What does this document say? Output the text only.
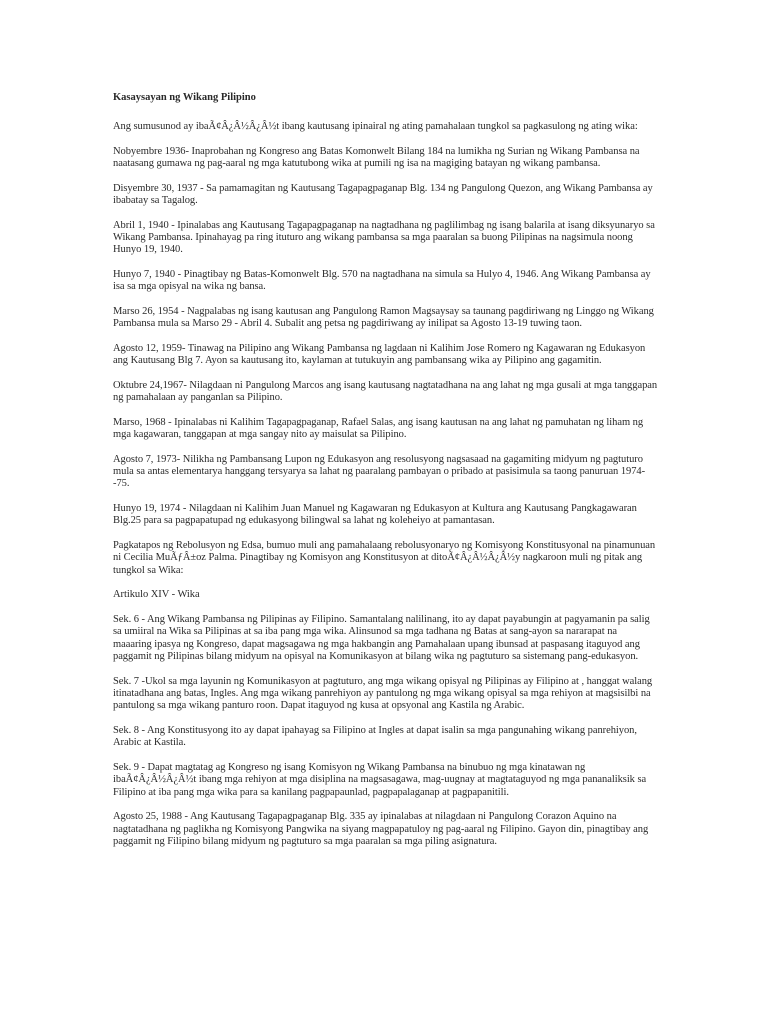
Kasaysayan ng Wikang Pilipino
Ang sumusunod ay ibaÃ¢Â¿Â½Â¿Â½t ibang kautusang ipinairal ng ating pamahalaan tungkol sa pagkasulong ng ating wika:
Nobyembre 1936- Inaprobahan ng Kongreso ang Batas Komonwelt Bilang 184 na lumikha ng Surian ng Wikang Pambansa na naatasang gumawa ng pag-aaral ng mga katutubong wika at pumili ng isa na magiging batayan ng wikang pambansa.
Disyembre 30, 1937 - Sa pamamagitan ng Kautusang Tagapagpaganap Blg. 134 ng Pangulong Quezon, ang Wikang Pambansa ay ibabatay sa Tagalog.
Abril 1, 1940 - Ipinalabas ang Kautusang Tagapagpaganap na nagtadhana ng paglilimbag ng isang balarila at isang diksyunaryo sa Wikang Pambansa. Ipinahayag pa ring ituturo ang wikang pambansa sa mga paaralan sa buong Pilipinas na nagsimula noong Hunyo 19, 1940.
Hunyo 7, 1940 - Pinagtibay ng Batas-Komonwelt Blg. 570 na nagtadhana na simula sa Hulyo 4, 1946. Ang Wikang Pambansa ay isa sa mga opisyal na wika ng bansa.
Marso 26, 1954 - Nagpalabas ng isang kautusan ang Pangulong Ramon Magsaysay sa taunang pagdiriwang ng Linggo ng Wikang Pambansa mula sa Marso 29 - Abril 4. Subalit ang petsa ng pagdiriwang ay inilipat sa Agosto 13-19 tuwing taon.
Agosto 12, 1959- Tinawag na Pilipino ang Wikang Pambansa ng lagdaan ni Kalihim Jose Romero ng Kagawaran ng Edukasyon ang Kautusang Blg 7. Ayon sa kautusang ito, kaylaman at tutukuyin ang pambansang wika ay Pilipino ang gagamitin.
Oktubre 24,1967- Nilagdaan ni Pangulong Marcos ang isang kautusang nagtatadhana na ang lahat ng mga gusali at mga tanggapan ng pamahalaan ay panganlan sa Pilipino.
Marso, 1968 - Ipinalabas ni Kalihim Tagapagpaganap, Rafael Salas, ang isang kautusan na ang lahat ng pamuhatan ng liham ng mga kagawaran, tanggapan at mga sangay nito ay maisulat sa Pilipino.
Agosto 7, 1973- Nilikha ng Pambansang Lupon ng Edukasyon ang resolusyong nagsasaad na gagamiting midyum ng pagtuturo mula sa antas elementarya hanggang tersyarya sa lahat ng paaralang pambayan o pribado at pasisimula sa taong panuruan 1974--75.
Hunyo 19, 1974 - Nilagdaan ni Kalihim Juan Manuel ng Kagawaran ng Edukasyon at Kultura ang Kautusang Pangkagawaran Blg.25 para sa pagpapatupad ng edukasyong bilingwal sa lahat ng koleheiyo at pamantasan.
Pagkatapos ng Rebolusyon ng Edsa, bumuo muli ang pamahalaang rebolusyonaryo ng Komisyong Konstitusyonal na pinamunuan ni Cecilia MuÃƒÂ±oz Palma. Pinagtibay ng Komisyon ang Konstitusyon at ditoÃ¢Â¿Â½Â¿Â½y nagkaroon muli ng pitak ang tungkol sa Wika:
Artikulo XIV - Wika
Sek. 6 - Ang Wikang Pambansa ng Pilipinas ay Filipino. Samantalang nalilinang, ito ay dapat payabungin at pagyamanin pa salig sa umiiral na Wika sa Pilipinas at sa iba pang mga wika. Alinsunod sa mga tadhana ng Batas at sang-ayon sa nararapat na maaaring ipasya ng Kongreso, dapat magsagawa ng mga hakbangin ang Pamahalaan upang ibunsad at paspasang itaguyod ang paggamit ng Pilipinas bilang midyum na opisyal na Komunikasyon at bilang wika ng pagtuturo sa sistemang pang-edukasyon.
Sek. 7 -Ukol sa mga layunin ng Komunikasyon at pagtuturo, ang mga wikang opisyal ng Pilipinas ay Filipino at , hanggat walang itinatadhana ang batas, Ingles. Ang mga wikang panrehiyon ay pantulong ng mga wikang opisyal sa mga rehiyon at magsisilbi na pantulong sa mga wikang panturo roon. Dapat itaguyod ng kusa at opsyonal ang Kastila ng Arabic.
Sek. 8 - Ang Konstitusyong ito ay dapat ipahayag sa Filipino at Ingles at dapat isalin sa mga pangunahing wikang panrehiyon, Arabic at Kastila.
Sek. 9 - Dapat magtatag ag Kongreso ng isang Komisyon ng Wikang Pambansa na binubuo ng mga kinatawan ng ibaÃ¢Â¿Â½Â¿Â½t ibang mga rehiyon at mga disiplina na magsasagawa, mag-uugnay at magtataguyod ng mga pananaliksik sa Filipino at iba pang mga wika para sa kanilang pagpapaunlad, pagpapalaganap at pagpapanitili.
Agosto 25, 1988 - Ang Kautusang Tagapagpaganap Blg. 335 ay ipinalabas at nilagdaan ni Pangulong Corazon Aquino na nagtatadhana ng paglikha ng Komisyong Pangwika na siyang magpapatuloy ng pag-aaral ng Filipino. Gayon din, pinagtibay ang paggamit ng Filipino bilang midyum ng pagtuturo sa mga paaralan sa mga piling asignatura.
